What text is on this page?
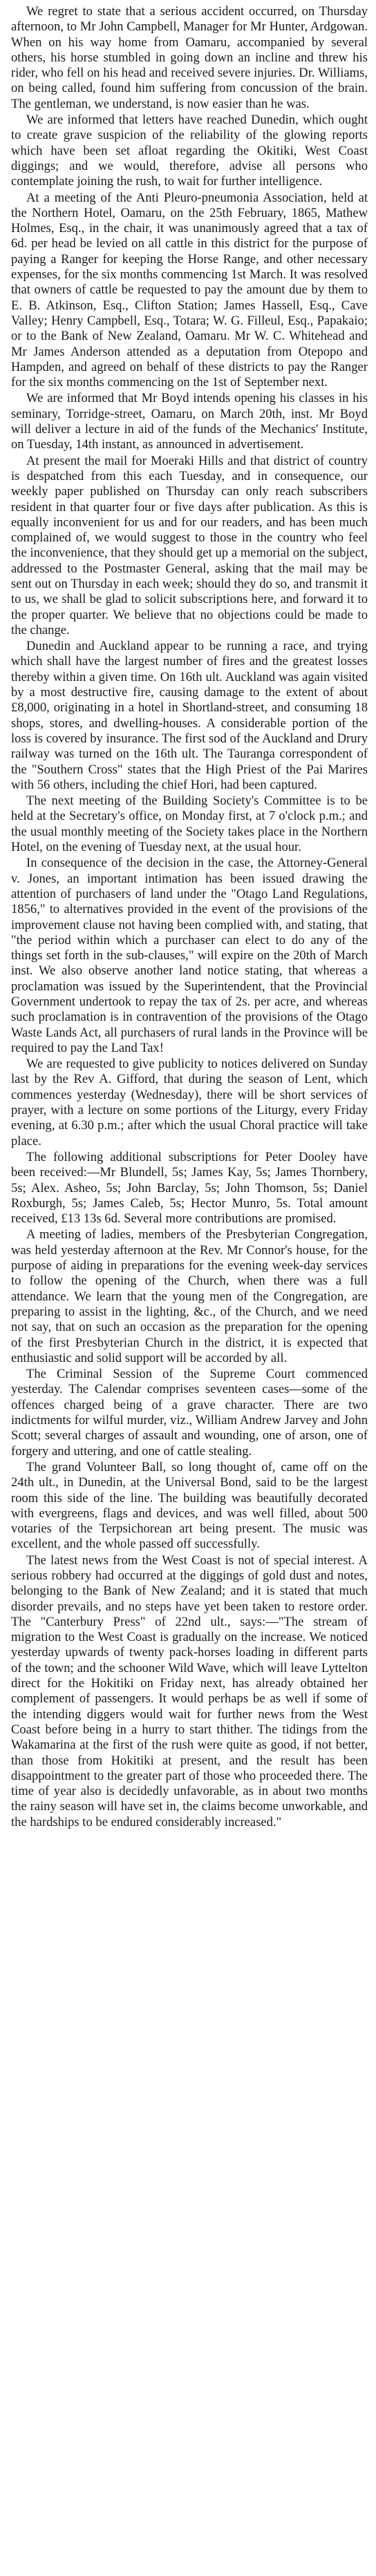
We regret to state that a serious accident occurred, on Thursday afternoon, to Mr John Campbell, Manager for Mr Hunter, Ardgowan. When on his way home from Oamaru, accompanied by several others, his horse stumbled in going down an incline and threw his rider, who fell on his head and received severe injuries. Dr. Williams, on being called, found him suffering from concussion of the brain. The gentleman, we understand, is now easier than he was.

We are informed that letters have reached Dunedin, which ought to create grave suspicion of the reliability of the glowing reports which have been set afloat regarding the Okitiki, West Coast diggings; and we would, therefore, advise all persons who contemplate joining the rush, to wait for further intelligence.

At a meeting of the Anti Pleuro-pneumonia Association, held at the Northern Hotel, Oamaru, on the 25th February, 1865, Mathew Holmes, Esq., in the chair, it was unanimously agreed that a tax of 6d. per head be levied on all cattle in this district for the purpose of paying a Ranger for keeping the Horse Range, and other necessary expenses, for the six months commencing 1st March. It was resolved that owners of cattle be requested to pay the amount due by them to E. B. Atkinson, Esq., Clifton Station; James Hassell, Esq., Cave Valley; Henry Campbell, Esq., Totara; W. G. Filleul, Esq., Papakaio; or to the Bank of New Zealand, Oamaru. Mr W. C. Whitehead and Mr James Anderson attended as a deputation from Otepopo and Hampden, and agreed on behalf of these districts to pay the Ranger for the six months commencing on the 1st of September next.

We are informed that Mr Boyd intends opening his classes in his seminary, Torridge-street, Oamaru, on March 20th, inst. Mr Boyd will deliver a lecture in aid of the funds of the Mechanics' Institute, on Tuesday, 14th instant, as announced in advertisement.

At present the mail for Moeraki Hills and that district of country is despatched from this each Tuesday, and in consequence, our weekly paper published on Thursday can only reach subscribers resident in that quarter four or five days after publication. As this is equally inconvenient for us and for our readers, and has been much complained of, we would suggest to those in the country who feel the inconvenience, that they should get up a memorial on the subject, addressed to the Postmaster General, asking that the mail may be sent out on Thursday in each week; should they do so, and transmit it to us, we shall be glad to solicit subscriptions here, and forward it to the proper quarter. We believe that no objections could be made to the change.

Dunedin and Auckland appear to be running a race, and trying which shall have the largest number of fires and the greatest losses thereby within a given time. On 16th ult. Auckland was again visited by a most destructive fire, causing damage to the extent of about £8,000, originating in a hotel in Shortland-street, and consuming 18 shops, stores, and dwelling-houses. A considerable portion of the loss is covered by insurance. The first sod of the Auckland and Drury railway was turned on the 16th ult. The Tauranga correspondent of the "Southern Cross" states that the High Priest of the Pai Marires with 56 others, including the chief Hori, had been captured.

The next meeting of the Building Society's Committee is to be held at the Secretary's office, on Monday first, at 7 o'clock p.m.; and the usual monthly meeting of the Society takes place in the Northern Hotel, on the evening of Tuesday next, at the usual hour.

In consequence of the decision in the case, the Attorney-General v. Jones, an important intimation has been issued drawing the attention of purchasers of land under the "Otago Land Regulations, 1856," to alternatives provided in the event of the provisions of the improvement clause not having been complied with, and stating, that "the period within which a purchaser can elect to do any of the things set forth in the sub-clauses," will expire on the 20th of March inst. We also observe another land notice stating, that whereas a proclamation was issued by the Superintendent, that the Provincial Government undertook to repay the tax of 2s. per acre, and whereas such proclamation is in contravention of the provisions of the Otago Waste Lands Act, all purchasers of rural lands in the Province will be required to pay the Land Tax!

We are requested to give publicity to notices delivered on Sunday last by the Rev A. Gifford, that during the season of Lent, which commences yesterday (Wednesday), there will be short services of prayer, with a lecture on some portions of the Liturgy, every Friday evening, at 6.30 p.m.; after which the usual Choral practice will take place.

The following additional subscriptions for Peter Dooley have been received:—Mr Blundell, 5s; James Kay, 5s; James Thornbery, 5s; Alex. Asheo, 5s; John Barclay, 5s; John Thomson, 5s; Daniel Roxburgh, 5s; James Caleb, 5s; Hector Munro, 5s. Total amount received, £13 13s 6d. Several more contributions are promised.

A meeting of ladies, members of the Presbyterian Congregation, was held yesterday afternoon at the Rev. Mr Connor's house, for the purpose of aiding in preparations for the evening week-day services to follow the opening of the Church, when there was a full attendance. We learn that the young men of the Congregation, are preparing to assist in the lighting, &c., of the Church, and we need not say, that on such an occasion as the preparation for the opening of the first Presbyterian Church in the district, it is expected that enthusiastic and solid support will be accorded by all.

The Criminal Session of the Supreme Court commenced yesterday. The Calendar comprises seventeen cases—some of the offences charged being of a grave character. There are two indictments for wilful murder, viz., William Andrew Jarvey and John Scott; several charges of assault and wounding, one of arson, one of forgery and uttering, and one of cattle stealing.

The grand Volunteer Ball, so long thought of, came off on the 24th ult., in Dunedin, at the Universal Bond, said to be the largest room this side of the line. The building was beautifully decorated with evergreens, flags and devices, and was well filled, about 500 votaries of the Terpsichorean art being present. The music was excellent, and the whole passed off successfully.

The latest news from the West Coast is not of special interest. A serious robbery had occurred at the diggings of gold dust and notes, belonging to the Bank of New Zealand; and it is stated that much disorder prevails, and no steps have yet been taken to restore order. The "Canterbury Press" of 22nd ult., says:—"The stream of migration to the West Coast is gradually on the increase. We noticed yesterday upwards of twenty pack-horses loading in different parts of the town; and the schooner Wild Wave, which will leave Lyttelton direct for the Hokitiki on Friday next, has already obtained her complement of passengers. It would perhaps be as well if some of the intending diggers would wait for further news from the West Coast before being in a hurry to start thither. The tidings from the Wakamarina at the first of the rush were quite as good, if not better, than those from Hokitiki at present, and the result has been disappointment to the greater part of those who proceeded there. The time of year also is decidedly unfavorable, as in about two months the rainy season will have set in, the claims become unworkable, and the hardships to be endured considerably increased."
